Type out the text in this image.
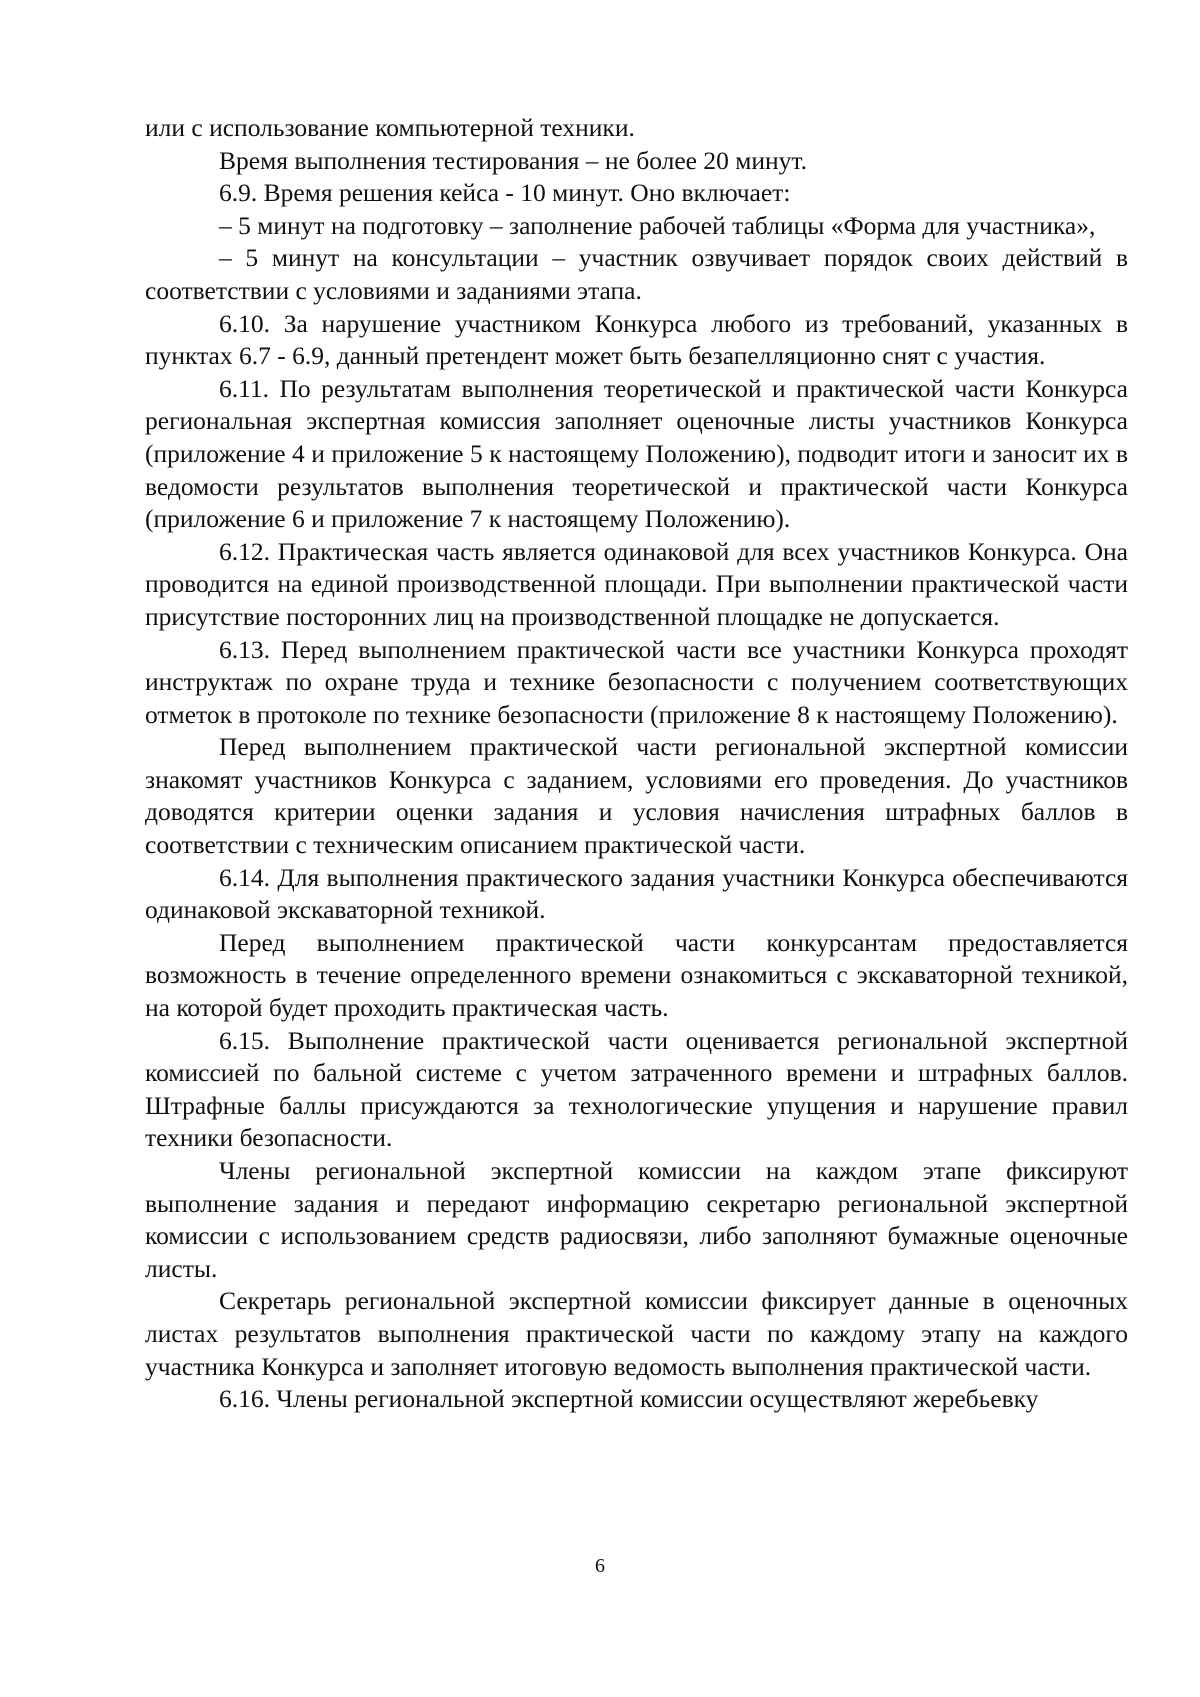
или с использование компьютерной техники.

Время выполнения тестирования – не более 20 минут.

6.9. Время решения кейса - 10 минут. Оно включает:

– 5 минут на подготовку – заполнение рабочей таблицы «Форма для участника»,

– 5 минут на консультации – участник озвучивает порядок своих действий в соответствии с условиями и заданиями этапа.

6.10. За нарушение участником Конкурса любого из требований, указанных в пунктах 6.7 - 6.9, данный претендент может быть безапелляционно снят с участия.

6.11. По результатам выполнения теоретической и практической части Конкурса региональная экспертная комиссия заполняет оценочные листы участников Конкурса (приложение 4 и приложение 5 к настоящему Положению), подводит итоги и заносит их в ведомости результатов выполнения теоретической и практической части Конкурса (приложение 6 и приложение 7 к настоящему Положению).

6.12. Практическая часть является одинаковой для всех участников Конкурса. Она проводится на единой производственной площади. При выполнении практической части присутствие посторонних лиц на производственной площадке не допускается.

6.13. Перед выполнением практической части все участники Конкурса проходят инструктаж по охране труда и технике безопасности с получением соответствующих отметок в протоколе по технике безопасности (приложение 8 к настоящему Положению).

Перед выполнением практической части региональной экспертной комиссии знакомят участников Конкурса с заданием, условиями его проведения. До участников доводятся критерии оценки задания и условия начисления штрафных баллов в соответствии с техническим описанием практической части.

6.14. Для выполнения практического задания участники Конкурса обеспечиваются одинаковой экскаваторной техникой.

Перед выполнением практической части конкурсантам предоставляется возможность в течение определенного времени ознакомиться с экскаваторной техникой, на которой будет проходить практическая часть.

6.15. Выполнение практической части оценивается региональной экспертной комиссией по бальной системе с учетом затраченного времени и штрафных баллов. Штрафные баллы присуждаются за технологические упущения и нарушение правил техники безопасности.

Члены региональной экспертной комиссии на каждом этапе фиксируют выполнение задания и передают информацию секретарю региональной экспертной комиссии с использованием средств радиосвязи, либо заполняют бумажные оценочные листы.

Секретарь региональной экспертной комиссии фиксирует данные в оценочных листах результатов выполнения практической части по каждому этапу на каждого участника Конкурса и заполняет итоговую ведомость выполнения практической части.

6.16. Члены региональной экспертной комиссии осуществляют жеребьевку

6
